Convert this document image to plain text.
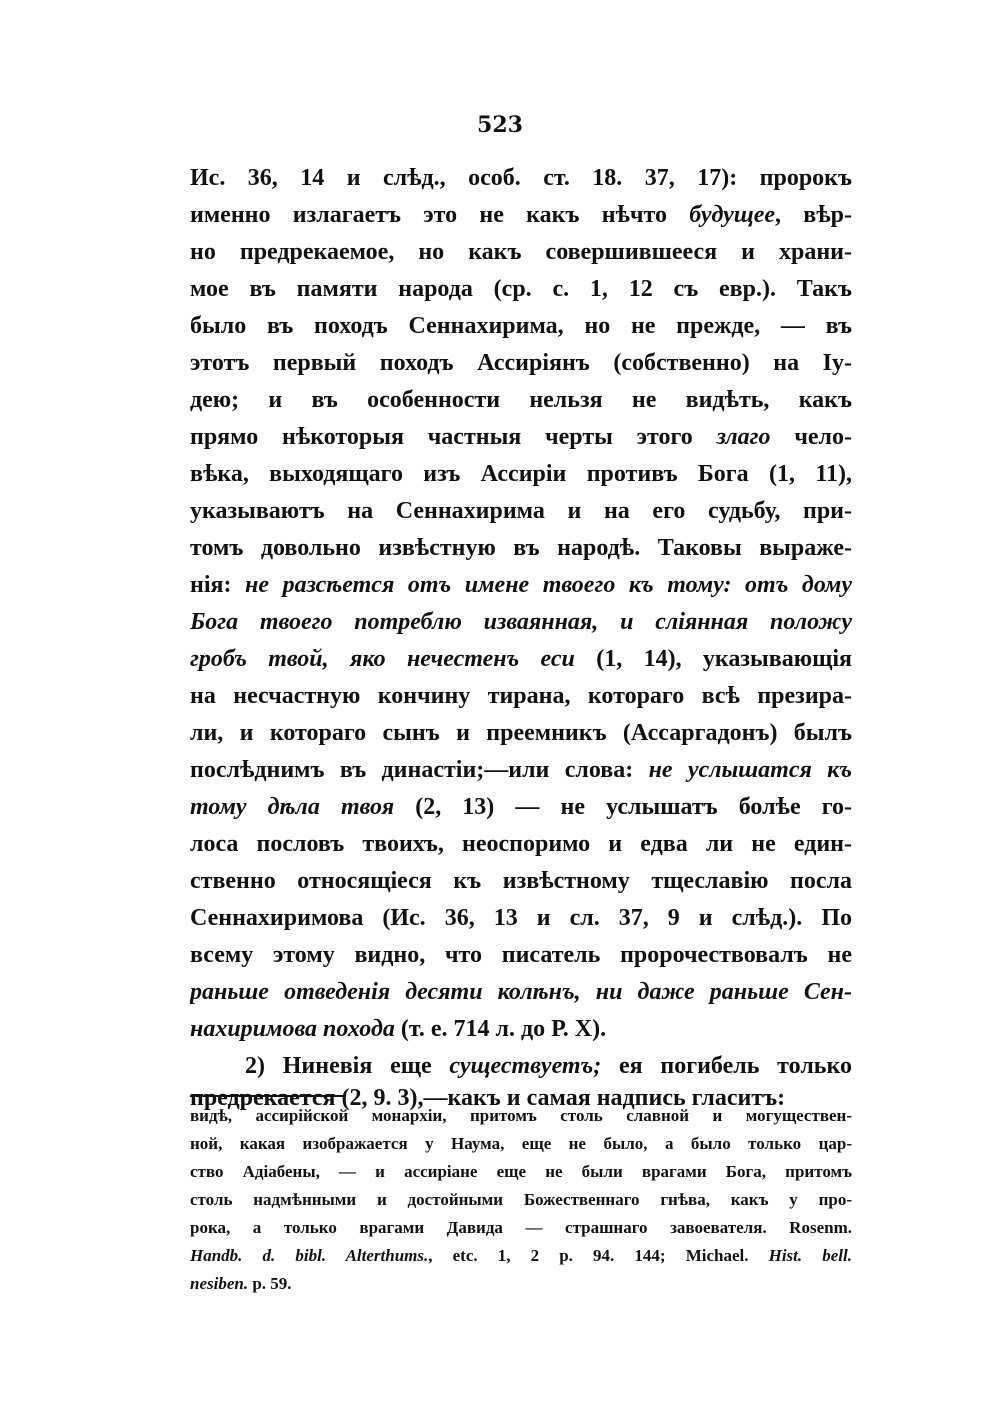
523
Ис. 36, 14 и слѣд., особ. ст. 18. 37, 17): пророкъ
именно излагаетъ это не какъ нѣчто будущее, вѣр-
но предрекаемое, но какъ совершившееся и храни-
мое въ памяти народа (ср. с. 1, 12 съ евр.). Такъ
было въ походъ Сеннахирима, но не прежде, — въ
этотъ первый походъ Ассиріянъ (собственно) на Іу-
дею; и въ особенности нельзя не видѣть, какъ
прямо нѣкоторыя частныя черты этого злаго чело-
вѣка, выходящаго изъ Ассиріи противъ Бога (1, 11),
указываютъ на Сеннахирима и на его судьбу, при-
томъ довольно извѣстную въ народѣ. Таковы выраже-
нія: не разсѣется отъ имене твоего къ тому: отъ дому
Бога твоего потреблю изваянная, и слiянная положу
гробъ твой, яко нечестенъ еси (1, 14), указывающія
на несчастную кончину тирана, котораго всѣ презира-
ли, и котораго сынъ и преемникъ (Ассаргадонъ) былъ
послѣднимъ въ династіи;—или слова: не услышатся къ
тому дѣла твоя (2, 13) — не услышатъ болѣе го-
лоса пословъ твоихъ, неоспоримо и едва ли не един-
ственно относящіеся къ извѣстному тщеславію посла
Сеннахиримова (Ис. 36, 13 и сл. 37, 9 и слѣд.). По
всему этому видно, что писатель пророчествовалъ не
раньше отведенія десяти колѣнъ, ни даже раньше Сен-
нахиримова похода (т. е. 714 л. до Р. Х).
2) Ниневія еще существуетъ; ея погибель только
предрекается (2, 9. 3),—какъ и самая надпись гласитъ:
видѣ, ассирiйской монархiи, притомъ столь славной и могуществен-
ной, какая изображается у Наума, еще не было, а было только цар-
ство Адiабены, — и ассиріане еще не были врагами Бога, притомъ
столь надмѣнными и достойными Божественнаго гнѣва, какъ у про-
рока, а только врагами Давида — страшнаго завоевателя. Rosenm.
Handb. d. bibl. Alterthums., etc. 1, 2 p. 94. 144; Michael. Hist. bell.
nesiben. p. 59.
